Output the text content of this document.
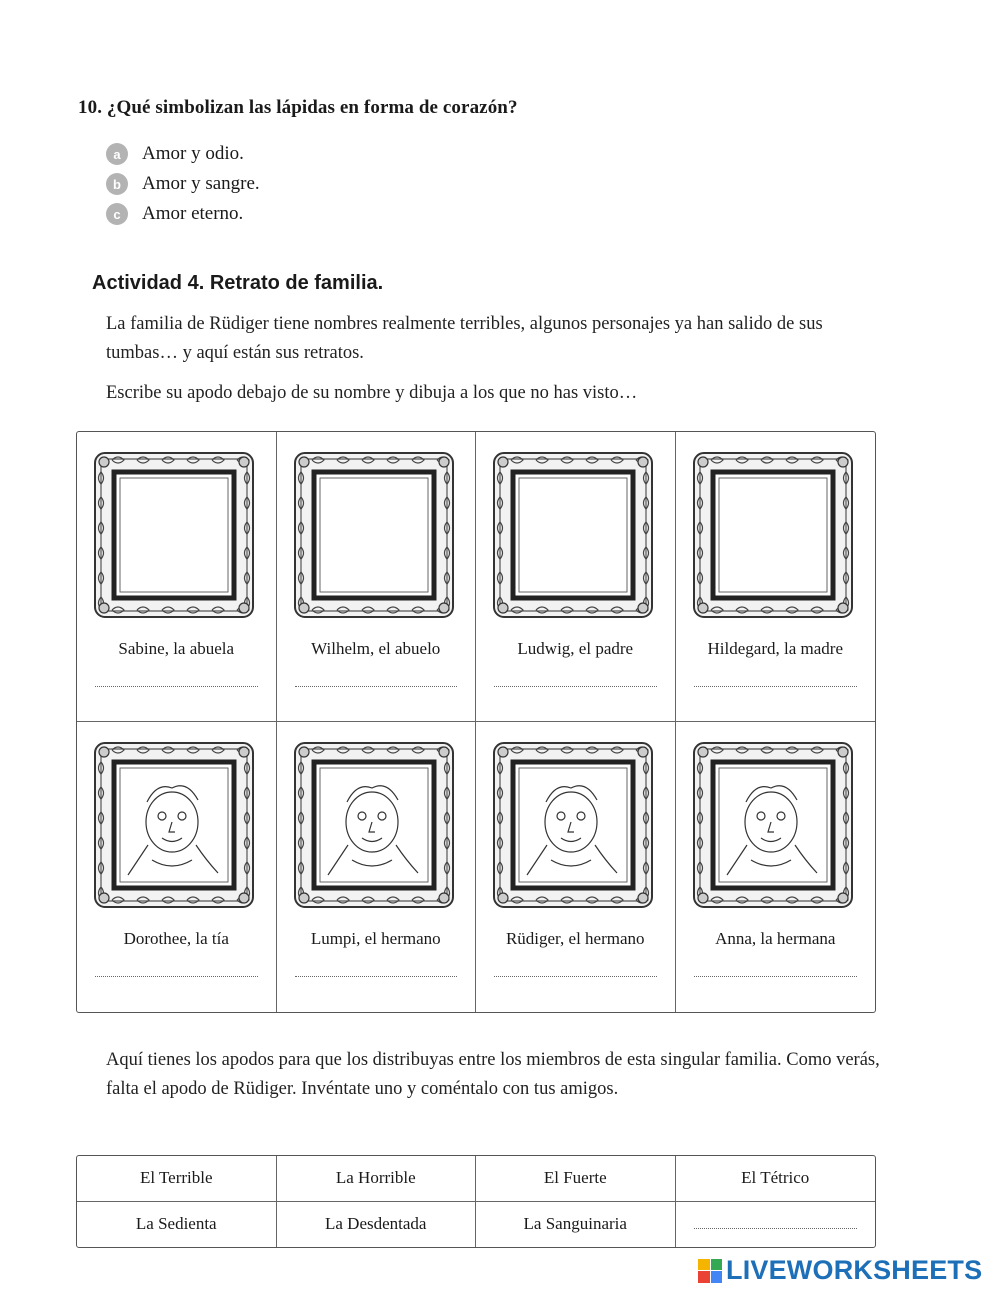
10. ¿Qué simbolizan las lápidas en forma de corazón?
a	Amor y odio.
b	Amor y sangre.
c	Amor eterno.
Actividad 4. Retrato de familia.
La familia de Rüdiger tiene nombres realmente terribles, algunos personajes ya han salido de sus tumbas… y aquí están sus retratos.
Escribe su apodo debajo de su nombre y dibuja a los que no has visto…
Sabine, la abuela	Wilhelm, el abuelo	Ludwig, el padre	Hildegard, la madre
Dorothee, la tía	Lumpi, el hermano	Rüdiger, el hermano	Anna, la hermana
Aquí tienes los apodos para que los distribuyas entre los miembros de esta singular familia. Como verás, falta el apodo de Rüdiger. Invéntate uno y coméntalo con tus amigos.
El Terrible	La Horrible	El Fuerte	El Tétrico
La Sedienta	La Desdentada	La Sanguinaria
LIVEWORKSHEETS
